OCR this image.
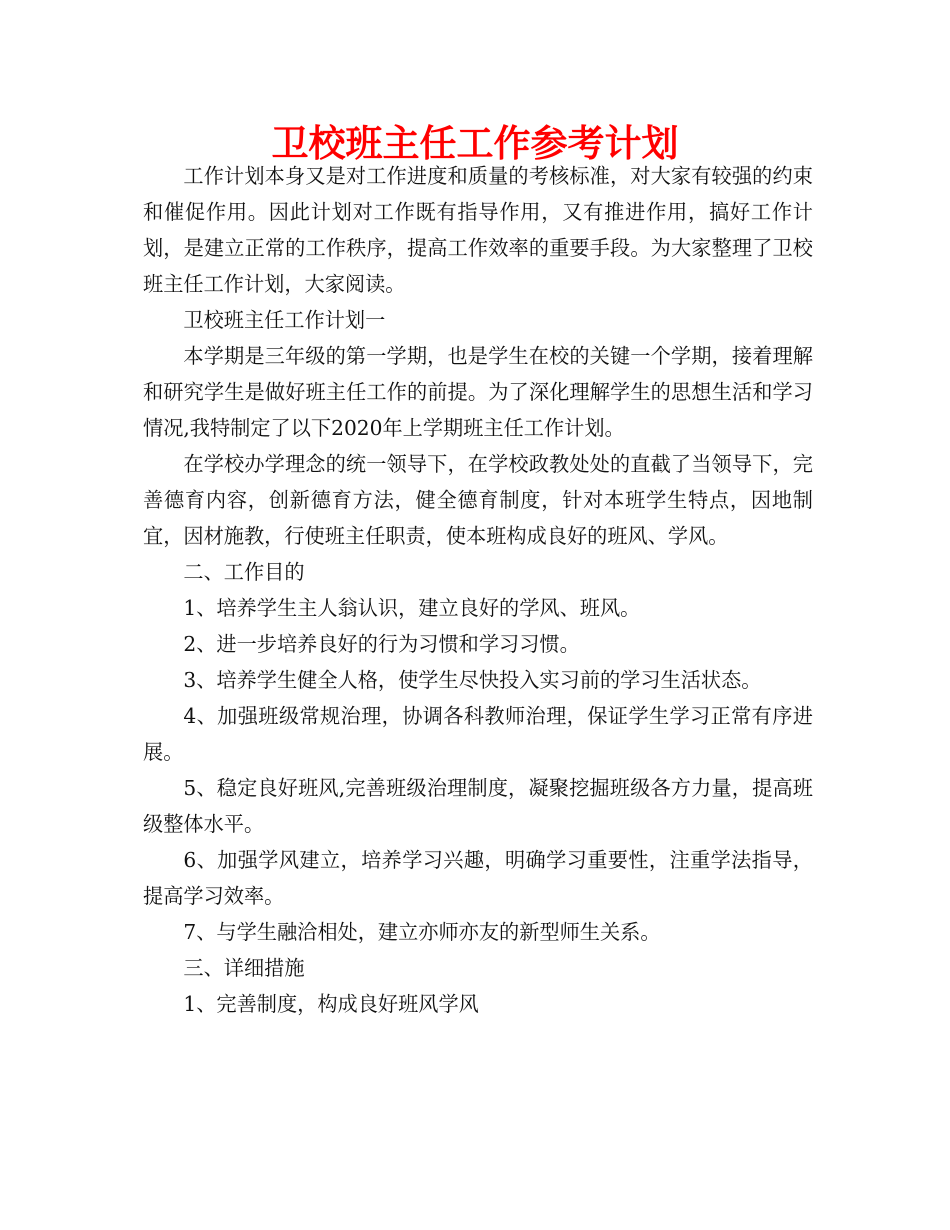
卫校班主任工作参考计划

工作计划本身又是对工作进度和质量的考核标准，对大家有较强的约束和催促作用。因此计划对工作既有指导作用，又有推进作用，搞好工作计划，是建立正常的工作秩序，提高工作效率的重要手段。为大家整理了卫校班主任工作计划，大家阅读。

卫校班主任工作计划一

本学期是三年级的第一学期，也是学生在校的关键一个学期，接着理解和研究学生是做好班主任工作的前提。为了深化理解学生的思想生活和学习情况,我特制定了以下2020年上学期班主任工作计划。

在学校办学理念的统一领导下，在学校政教处处的直截了当领导下，完善德育内容，创新德育方法，健全德育制度，针对本班学生特点，因地制宜，因材施教，行使班主任职责，使本班构成良好的班风、学风。

二、工作目的

1、培养学生主人翁认识，建立良好的学风、班风。

2、进一步培养良好的行为习惯和学习习惯。

3、培养学生健全人格，使学生尽快投入实习前的学习生活状态。

4、加强班级常规治理，协调各科教师治理，保证学生学习正常有序进展。

5、稳定良好班风,完善班级治理制度，凝聚挖掘班级各方力量，提高班级整体水平。

6、加强学风建立，培养学习兴趣，明确学习重要性，注重学法指导，提高学习效率。

7、与学生融洽相处，建立亦师亦友的新型师生关系。

三、详细措施

1、完善制度，构成良好班风学风
